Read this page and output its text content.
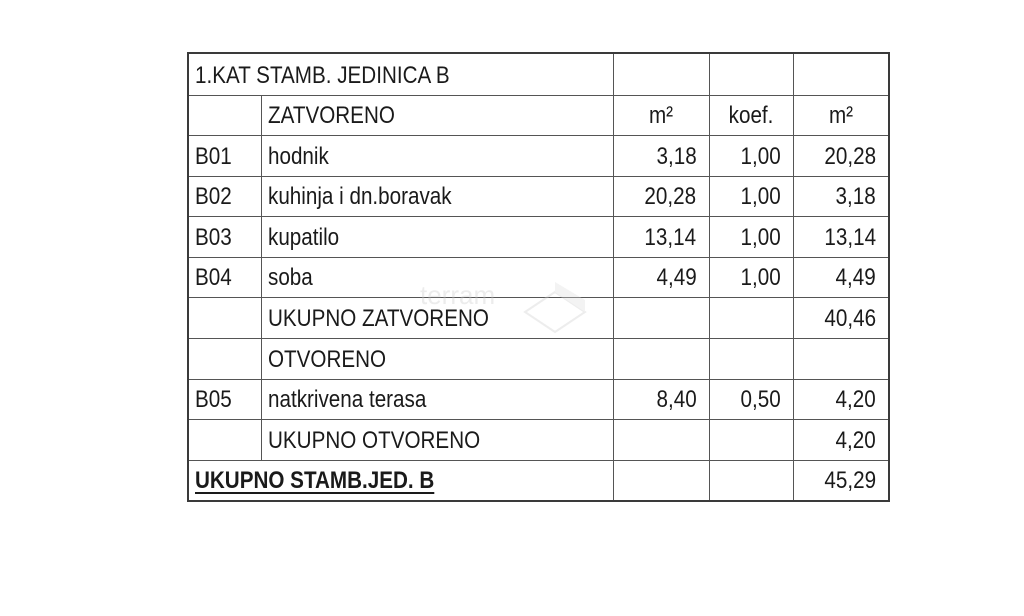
1.KAT STAMB. JEDINICA B				
	ZATVORENO	m²	koef.	m²
B01	hodnik	3,18	1,00	20,28
B02	kuhinja i dn.boravak	20,28	1,00	3,18
B03	kupatilo	13,14	1,00	13,14
B04	soba	4,49	1,00	4,49
	UKUPNO ZATVORENO			40,46
	OTVORENO			
B05	natkrivena terasa	8,40	0,50	4,20
	UKUPNO OTVORENO			4,20
UKUPNO STAMB.JED. B				45,29
terram
